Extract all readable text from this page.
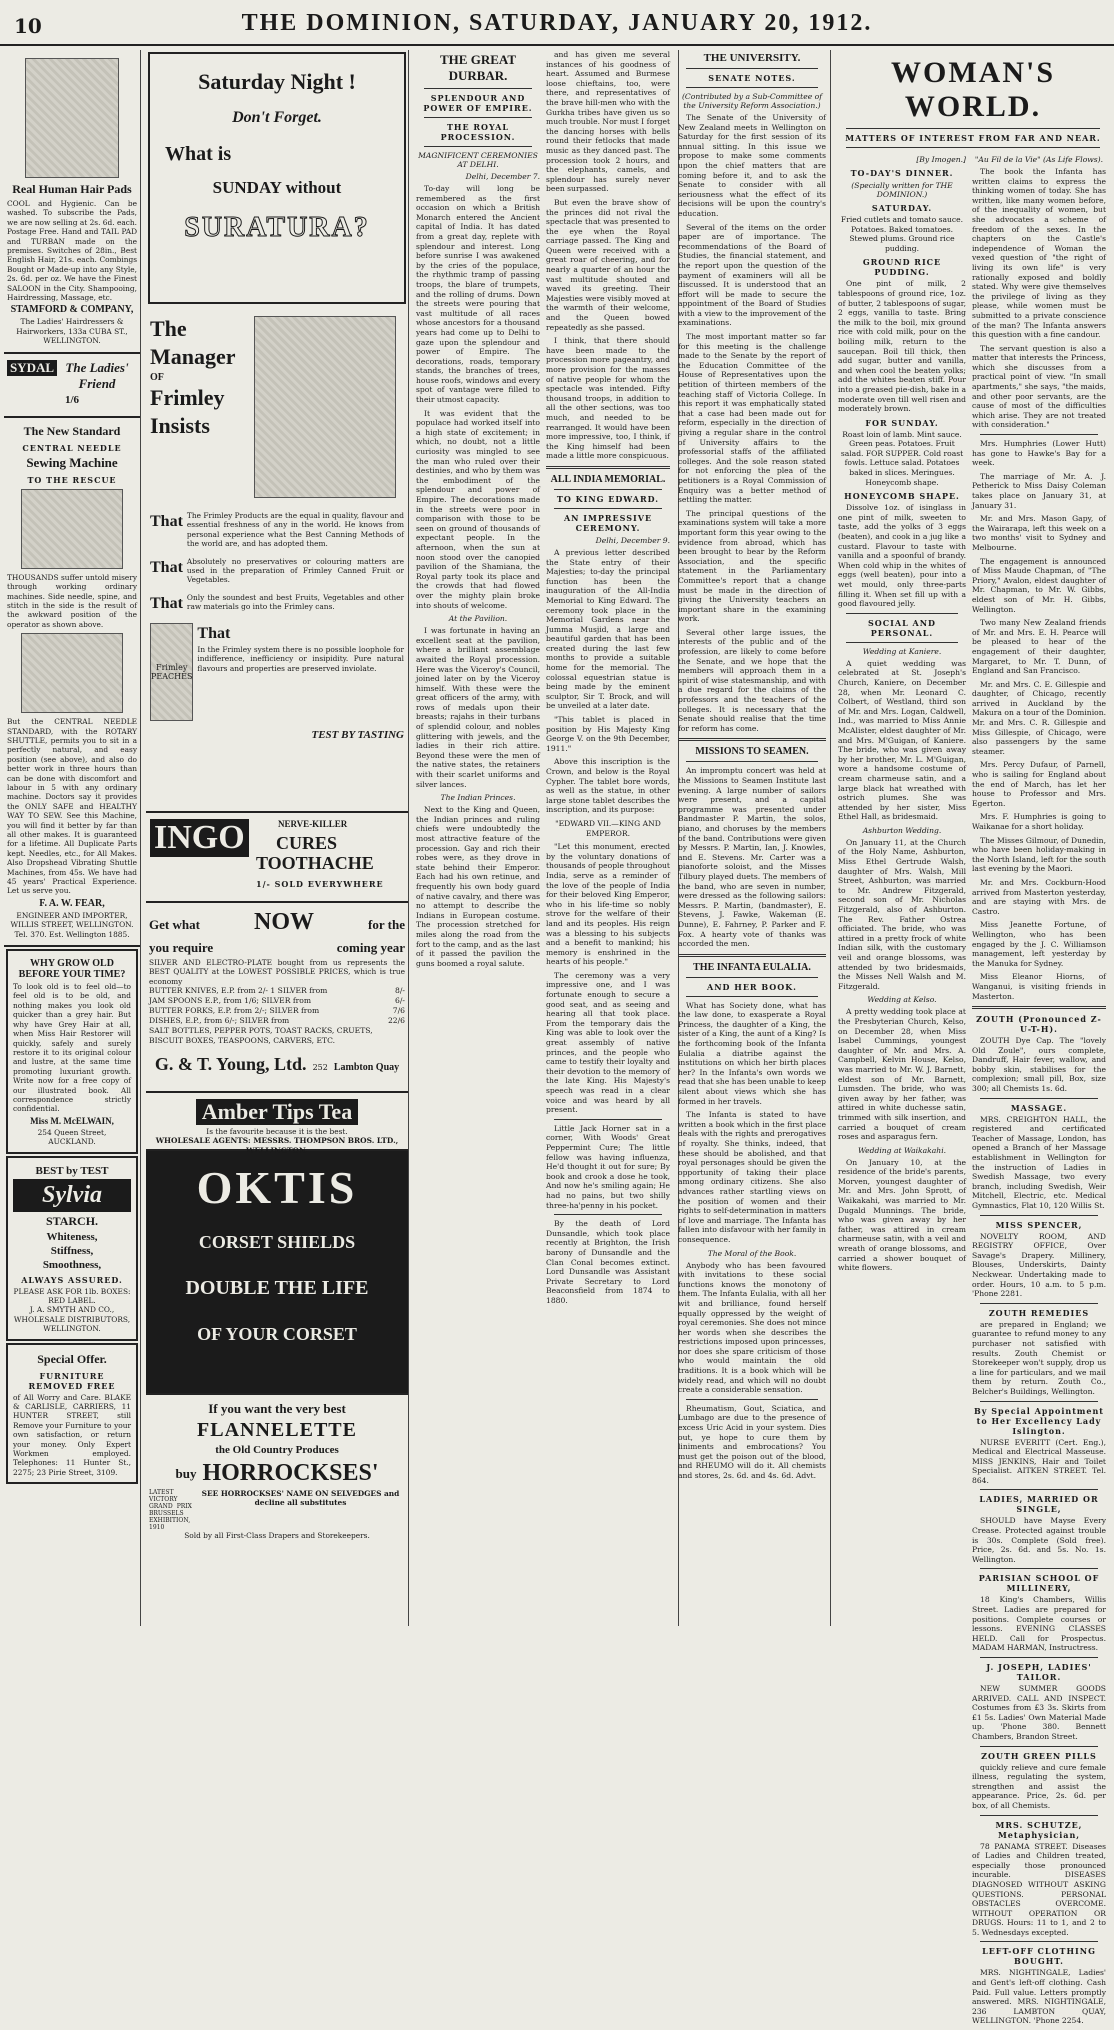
10	THE DOMINION, SATURDAY, JANUARY 20, 1912.
Real Human Hair Pads
COOL and Hygienic. Can be washed. To subscribe the Pads, we are now selling at 2s. 6d. each. Postage Free. Hand and TAIL PAD and TURBAN made on the premises. Switches of 28in., Best English Hair, 21s. each. Combings Bought or Made-up into any Style, 2s. 6d. per oz. We have the Finest SALOON in the City. Shampooing, Hairdressing, Massage, etc.
STAMFORD & COMPANY,
The Ladies' Hairdressers & Hairworkers, 133a CUBA ST., WELLINGTON.
SYDAL The Ladies' Friend
1/6
The New Standard
CENTRAL NEEDLE
Sewing Machine
TO THE RESCUE
THOUSANDS suffer untold misery through working ordinary machines. Side needle, spine, and stitch in the side is the result of the awkward position of the operator as shown above.
But the CENTRAL NEEDLE STANDARD, with the ROTARY SHUTTLE, permits you to sit in a perfectly natural, and easy position (see above), and also do better work in three hours than can be done with discomfort and labour in 5 with any ordinary machine. Doctors say it provides the ONLY SAFE and HEALTHY WAY TO SEW. See this Machine, you will find it better by far than all other makes. It is guaranteed for a lifetime. All Duplicate Parts kept. Needles, etc., for All Makes. Also Dropshead Vibrating Shuttle Machines, from 45s. We have had 45 years' Practical Experience. Let us serve you.
F. A. W. FEAR,
ENGINEER AND IMPORTER, WILLIS STREET, WELLINGTON. Tel. 370. Est. Wellington 1885.
WHY GROW OLD BEFORE YOUR TIME?
To look old is to feel old—to feel old is to be old, and nothing makes you look old quicker than a grey hair. But why have Grey Hair at all, when Miss Hair Restorer will quickly, safely and surely restore it to its original colour and lustre, at the same time promoting luxuriant growth. Write now for a free copy of our illustrated book. All correspondence strictly confidential.
Miss M. McELWAIN,
254 Queen Street, AUCKLAND.
BEST by TEST
Sylvia
STARCH.
Whiteness,
Stiffness,
Smoothness,
ALWAYS ASSURED.
PLEASE ASK FOR 1lb. BOXES: RED LABEL.
J. A. SMYTH AND CO., WHOLESALE DISTRIBUTORS, WELLINGTON.
Special Offer.
FURNITURE REMOVED FREE
of All Worry and Care. BLAKE & CARLISLE, CARRIERS, 11 HUNTER STREET, still Remove your Furniture to your own satisfaction, or return your money. Only Expert Workmen employed. Telephones: 11 Hunter St., 2275; 23 Pirie Street, 3109.
Saturday Night !
Don't Forget.
What is
SUNDAY without
SURATURA?
The
Manager
OF
Frimley
Insists
That The Frimley Products are the equal in quality, flavour and essential freshness of any in the world. He knows from personal experience what the Best Canning Methods of the world are, and has adopted them.
That Absolutely no preservatives or colouring matters are used in the preparation of Frimley Canned Fruit or Vegetables.
That Only the soundest and best Fruits, Vegetables and other raw materials go into the Frimley cans.
Frimley PEACHES
That
In the Frimley system there is no possible loophole for indifference, inefficiency or insipidity. Pure natural flavours and properties are preserved inviolate.
TEST BY TASTING
INGO	NERVE-KILLER
CURES
TOOTHACHE
1/- SOLD EVERYWHERE
Get what NOW	for the
you require	coming year
SILVER AND ELECTRO-PLATE bought from us represents the BEST QUALITY at the LOWEST POSSIBLE PRICES, which is true economy
BUTTER KNIVES, E.P. from 2/- 1 SILVER from	8/-
JAM SPOONS E.P., from 1/6; SILVER from	6/-
BUTTER FORKS, E.P. from 2/-; SILVER from	7/6
DISHES, E.P., from 6/-; SILVER from	22/6
SALT BOTTLES, PEPPER POTS, TOAST RACKS, CRUETS,
BISCUIT BOXES, TEASPOONS, CARVERS, ETC.
G. & T. Young, Ltd. 252 Lambton Quay
Amber Tips Tea
Is the favourite because it is the best.
WHOLESALE AGENTS: MESSRS. THOMPSON BROS. LTD., WELLINGTON.
OKTIS
CORSET SHIELDS
DOUBLE THE LIFE
OF YOUR CORSET
If you want the very best
FLANNELETTE
the Old Country Produces
buy HORROCKSES'
LATEST VICTORY GRAND PRIX BRUSSELS EXHIBITION, 1910
SEE HORROCKSES' NAME ON SELVEDGES and decline all substitutes
Sold by all First-Class Drapers and Storekeepers.
THE GREAT DURBAR.
SPLENDOUR AND POWER OF EMPIRE.
THE ROYAL PROCESSION.
MAGNIFICENT CEREMONIES AT DELHI.
Delhi, December 7.

To-day will long be remembered as the first occasion on which a British Monarch entered the Ancient capital of India. It has dated from a great day, replete with splendour and interest. Long before sunrise I was awakened by the cries of the populace, the rhythmic tramp of passing troops, the blare of trumpets, and the rolling of drums. Down the streets were pouring that vast multitude of all races whose ancestors for a thousand years had come up to Delhi to gaze upon the splendour and power of Empire. The decorations, roads, temporary stands, the branches of trees, house roofs, windows and every spot of vantage were filled to their utmost capacity.

It was evident that the populace had worked itself into a high state of excitement; in which, no doubt, not a little curiosity was mingled to see the man who ruled over their destinies, and who by them was the embodiment of the splendour and power of Empire. The decorations made in the streets were poor in comparison with those to be seen on ground of thousands of expectant people. In the afternoon, when the sun at noon stood over the canopied pavilion of the Shamiana, the Royal party took its place and the crowds that had flowed over the mighty plain broke into shouts of welcome.

At the Pavilion.

I was fortunate in having an excellent seat at the pavilion, where a brilliant assemblage awaited the Royal procession. Here was the Viceroy's Council, joined later on by the Viceroy himself. With these were the great officers of the army, with rows of medals upon their breasts; rajahs in their turbans of splendid colour, and nobles glittering with jewels, and the ladies in their rich attire. Beyond these were the men of the native states, the retainers with their scarlet uniforms and silver lances.

The Indian Princes.

Next to the King and Queen, the Indian princes and ruling chiefs were undoubtedly the most attractive feature of the procession. Gay and rich their robes were, as they drove in state behind their Emperor. Each had his own retinue, and frequently his own body guard of native cavalry, and there was no attempt to describe the Indians in European costume. The procession stretched for miles along the road from the fort to the camp, and as the last of it passed the pavilion the guns boomed a royal salute.

and has given me several instances of his goodness of heart. Assumed and Burmese loose chieftains, too, were there, and representatives of the brave hill-men who with the Gurkha tribes have given us so much trouble. Nor must I forget the dancing horses with bells round their fetlocks that made music as they danced past. The procession took 2 hours, and the elephants, camels, and splendour has surely never been surpassed.

But even the brave show of the princes did not rival the spectacle that was presented to the eye when the Royal carriage passed. The King and Queen were received with a great roar of cheering, and for nearly a quarter of an hour the vast multitude shouted and waved its greeting. Their Majesties were visibly moved at the warmth of their welcome, and the Queen bowed repeatedly as she passed.

I think, that there should have been made to the procession more pageantry, and more provision for the masses of native people for whom the spectacle was intended. Fifty thousand troops, in addition to all the other sections, was too much, and needed to be rearranged. It would have been more impressive, too, I think, if the King himself had been made a little more conspicuous.

ALL INDIA MEMORIAL.
TO KING EDWARD.
AN IMPRESSIVE CEREMONY.
Delhi, December 9.

A previous letter described the State entry of their Majesties; to-day the principal function has been the inauguration of the All-India Memorial to King Edward. The ceremony took place in the Memorial Gardens near the Jumma Musjid, a large and beautiful garden that has been created during the last few months to provide a suitable home for the memorial. The colossal equestrian statue is being made by the eminent sculptor, Sir T. Brock, and will be unveiled at a later date.

"This tablet is placed in position by His Majesty King George V. on the 9th December, 1911."

Above this inscription is the Crown, and below is the Royal Cypher. The tablet bore words, as well as the statue, in other large stone tablet describes the inscription, and its purpose:

"EDWARD VII.—KING AND EMPEROR.

"Let this monument, erected by the voluntary donations of thousands of people throughout India, serve as a reminder of the love of the people of India for their beloved King Emperor, who in his life-time so nobly strove for the welfare of their land and its peoples. His reign was a blessing to his subjects and a benefit to mankind; his memory is enshrined in the hearts of his people."

The ceremony was a very impressive one, and I was fortunate enough to secure a good seat, and as seeing and hearing all that took place. From the temporary dais the King was able to look over the great assembly of native princes, and the people who came to testify their loyalty and their devotion to the memory of the late King. His Majesty's speech was read in a clear voice and was heard by all present.

Little Jack Horner sat in a corner, With Woods' Great Peppermint Cure; The little fellow was having influenza, He'd thought it out for sure; By book and crook a dose he took, And now he's smiling again; He had no pains, but two shilly three-ha'penny in his pocket.

By the death of Lord Dunsandle, which took place recently at Brighton, the Irish barony of Dunsandle and the Clan Conal becomes extinct. Lord Dunsandle was Assistant Private Secretary to Lord Beaconsfield from 1874 to 1880.

THE UNIVERSITY.
SENATE NOTES.
(Contributed by a Sub-Committee of the University Reform Association.)

The Senate of the University of New Zealand meets in Wellington on Saturday for the first session of its annual sitting. In this issue we propose to make some comments upon the chief matters that are coming before it, and to ask the Senate to consider with all seriousness what the effect of its decisions will be upon the country's education.

Several of the items on the order paper are of importance. The recommendations of the Board of Studies, the financial statement, and the report upon the question of the payment of examiners will all be discussed. It is understood that an effort will be made to secure the appointment of the Board of Studies with a view to the improvement of the examinations.

The most important matter so far for this meeting is the challenge made to the Senate by the report of the Education Committee of the House of Representatives upon the petition of thirteen members of the teaching staff of Victoria College. In this report it was emphatically stated that a case had been made out for reform, especially in the direction of giving a regular share in the control of University affairs to the professorial staffs of the affiliated colleges. And the sole reason stated for not enforcing the plea of the petitioners is a Royal Commission of Enquiry was a better method of settling the matter.

The principal questions of the examinations system will take a more important form this year owing to the evidence from abroad, which has been brought to bear by the Reform Association, and the specific statement in the Parliamentary Committee's report that a change must be made in the direction of giving the University teachers an important share in the examining work.

Several other large issues, the interests of the public and of the profession, are likely to come before the Senate, and we hope that the members will approach them in a spirit of wise statesmanship, and with a due regard for the claims of the professors and the teachers of the colleges. It is necessary that the Senate should realise that the time for reform has come.

MISSIONS TO SEAMEN.

An impromptu concert was held at the Missions to Seamen Institute last evening. A large number of sailors were present, and a capital programme was presented under Bandmaster P. Martin, the solos, piano, and choruses by the members of the band. Contributions were given by Messrs. P. Martin, Ian, J. Knowles, and E. Stevens. Mr. Carter was a pianoforte soloist, and the Misses Tilbury played duets. The members of the band, who are seven in number, were dressed as the following sailors: Messrs. P. Martin, (bandmaster), E. Stevens, J. Fawke, Wakeman (E. Dunne), E. Fahrney, P. Parker and F. Fox. A hearty vote of thanks was accorded the men.

THE INFANTA EULALIA.
AND HER BOOK.

What has Society done, what has the law done, to exasperate a Royal Princess, the daughter of a King, the sister of a King, the aunt of a King? Is the forthcoming book of the Infanta Eulalia a diatribe against the institutions on which her birth places her? In the Infanta's own words we read that she has been unable to keep silent about views which she has formed in her travels.

The Infanta is stated to have written a book which in the first place deals with the rights and prerogatives of royalty. She thinks, indeed, that these should be abolished, and that royal personages should be given the opportunity of taking their place among ordinary citizens. She also advances rather startling views on the position of women and their rights to self-determination in matters of love and marriage. The Infanta has fallen into disfavour with her family in consequence.

The Moral of the Book.

Anybody who has been favoured with invitations to these social functions knows the monotony of them. The Infanta Eulalia, with all her wit and brilliance, found herself equally oppressed by the weight of royal ceremonies. She does not mince her words when she describes the restrictions imposed upon princesses, nor does she spare criticism of those who would maintain the old traditions. It is a book which will be widely read, and which will no doubt create a considerable sensation.

Rheumatism, Gout, Sciatica, and Lumbago are due to the presence of excess Uric Acid in your system. Dies out, ye hope to cure them by liniments and embrocations? You must get the poison out of the blood, and RHEUMO will do it. All chemists and stores, 2s. 6d. and 4s. 6d. Advt.

WOMAN'S WORLD.
MATTERS OF INTEREST FROM FAR AND NEAR.
[By Imogen.]
TO-DAY'S DINNER.
(Specially written for THE DOMINION.)
SATURDAY.

Fried cutlets and tomato sauce. Potatoes. Baked tomatoes. Stewed plums. Ground rice pudding.

GROUND RICE PUDDING.

One pint of milk, 2 tablespoons of ground rice, 1oz. of butter, 2 tablespoons of sugar, 2 eggs, vanilla to taste. Bring the milk to the boil, mix ground rice with cold milk, pour on the boiling milk, return to the saucepan. Boil till thick, then add sugar, butter and vanilla, and when cool the beaten yolks; add the whites beaten stiff. Pour into a greased pie-dish, bake in a moderate oven till well risen and moderately brown.

FOR SUNDAY.

Roast loin of lamb. Mint sauce. Green peas. Potatoes. Fruit salad. FOR SUPPER. Cold roast fowls. Lettuce salad. Potatoes baked in slices. Meringues. Honeycomb shape.

HONEYCOMB SHAPE.

Dissolve 1oz. of isinglass in one pint of milk, sweeten to taste, add the yolks of 3 eggs (beaten), and cook in a jug like a custard. Flavour to taste with vanilla and a spoonful of brandy. When cold whip in the whites of eggs (well beaten), pour into a wet mould, only three-parts filling it. When set fill up with a good flavoured jelly.

SOCIAL AND PERSONAL.
Wedding at Kaniere.

A quiet wedding was celebrated at St. Joseph's Church, Kaniere, on December 28, when Mr. Leonard C. Colbert, of Westland, third son of Mr. and Mrs. Logan, Caldwell, Ind., was married to Miss Annie McAlister, eldest daughter of Mr. and Mrs. M'Guigan, of Kaniere. The bride, who was given away by her brother, Mr. L. M'Guigan, wore a handsome costume of cream charmeuse satin, and a large black hat wreathed with ostrich plumes. She was attended by her sister, Miss Ethel Hall, as bridesmaid.

Ashburton Wedding.

On January 11, at the Church of the Holy Name, Ashburton, Miss Ethel Gertrude Walsh, daughter of Mrs. Walsh, Mill Street, Ashburton, was married to Mr. Andrew Fitzgerald, second son of Mr. Nicholas Fitzgerald, also of Ashburton. The Rev. Father Ostrea officiated. The bride, who was attired in a pretty frock of white Indian silk, with the customary veil and orange blossoms, was attended by two bridesmaids, the Misses Nell Walsh and M. Fitzgerald.

Wedding at Kelso.

A pretty wedding took place at the Presbyterian Church, Kelso, on December 28, when Miss Isabel Cummings, youngest daughter of Mr. and Mrs. A. Campbell, Kelvin House, Kelso, was married to Mr. W. J. Barnett, eldest son of Mr. Barnett, Lumsden. The bride, who was given away by her father, was attired in white duchesse satin, trimmed with silk insertion, and carried a bouquet of cream roses and asparagus fern.

Wedding at Waikakahi.

On January 10, at the residence of the bride's parents, Morven, youngest daughter of Mr. and Mrs. John Sprott, of Waikakahi, was married to Mr. Dugald Munnings. The bride, who was given away by her father, was attired in cream charmeuse satin, with a veil and wreath of orange blossoms, and carried a shower bouquet of white flowers.

"Au Fil de la Vie" (As Life Flows).

The book the Infanta has written claims to express the thinking women of today. She has written, like many women before, of the inequality of women, but she advocates a scheme of freedom of the sexes. In the chapters on the Castle's independence of Woman the vexed question of "the right of living its own life" is very rationally exposed and boldly stated. Why were give themselves the privilege of living as they please, while women must be submitted to a private conscience of the man? The Infanta answers this question with a fine candour.

The servant question is also a matter that interests the Princess, which she discusses from a practical point of view. "In small apartments," she says, "the maids, and other poor servants, are the cause of most of the difficulties which arise. They are not treated with consideration."

Mrs. Humphries (Lower Hutt) has gone to Hawke's Bay for a week.

The marriage of Mr. A. J. Petherick to Miss Daisy Coleman takes place on January 31, at January 31.

Mr. and Mrs. Mason Gapy, of the Wairarapa, left this week on a two months' visit to Sydney and Melbourne.

The engagement is announced of Miss Maude Chapman, of "The Priory," Avalon, eldest daughter of Mr. Chapman, to Mr. W. Gibbs, eldest son of Mr. H. Gibbs, Wellington.

Two many New Zealand friends of Mr. and Mrs. E. H. Pearce will be pleased to hear of the engagement of their daughter, Margaret, to Mr. T. Dunn, of England and San Francisco.

Mr. and Mrs. C. E. Gillespie and daughter, of Chicago, recently arrived in Auckland by the Makura on a tour of the Dominion. Mr. and Mrs. C. R. Gillespie and Miss Gillespie, of Chicago, were also passengers by the same steamer.

Mrs. Percy Dufaur, of Parnell, who is sailing for England about the end of March, has let her house to Professor and Mrs. Egerton.

Mrs. F. Humphries is going to Waikanae for a short holiday.

The Misses Gilmour, of Dunedin, who have been holiday-making in the North Island, left for the south last evening by the Maori.

Mr. and Mrs. Cockburn-Hood arrived from Masterton yesterday, and are staying with Mrs. de Castro.

Miss Jeanette Fortune, of Wellington, who has been engaged by the J. C. Williamson management, left yesterday by the Manuka for Sydney.

Miss Eleanor Hiorns, of Wanganui, is visiting friends in Masterton.

ZOUTH (Pronounced Z-U-T-H).

ZOUTH Dye Cap. The "lovely Old Zoule", ours complete, Dandruff, Hair fever, wallow, and bobby skin, stabilises for the complexion; small pill, Box, size 300; all Chemists 1s. 6d.

MASSAGE.

MRS. CREIGHTON HALL, the registered and certificated Teacher of Massage, London, has opened a Branch of her Massage establishment in Wellington for the instruction of Ladies in Swedish Massage, two every branch, including Swedish, Weir Mitchell, Electric, etc. Medical Gymnastics, Flat 10, 120 Willis St.

MISS SPENCER,

NOVELTY ROOM, AND REGISTRY OFFICE, Over Savage's Drapery. Millinery, Blouses, Underskirts, Dainty Neckwear. Undertaking made to order. Hours, 10 a.m. to 5 p.m. 'Phone 2281.

ZOUTH REMEDIES

are prepared in England; we guarantee to refund money to any purchaser not satisfied with results. Zouth Chemist or Storekeeper won't supply, drop us a line for particulars, and we mail them by return. Zouth Co., Belcher's Buildings, Wellington.

By Special Appointment to Her Excellency Lady Islington.

NURSE EVERITT (Cert. Eng.), Medical and Electrical Masseuse. MISS JENKINS, Hair and Toilet Specialist. AITKEN STREET. Tel. 864.

LADIES, MARRIED OR SINGLE,

SHOULD have Mayse Every Crease. Protected against trouble is 30s. Complete (Sold free). Price, 2s. 6d. and 5s. No. 1s. Wellington.

PARISIAN SCHOOL OF MILLINERY,

18 King's Chambers, Willis Street. Ladies are prepared for positions. Complete courses or lessons. EVENING CLASSES HELD. Call for Prospectus. MADAM HARMAN, Instructress.

J. JOSEPH, LADIES' TAILOR.

NEW SUMMER GOODS ARRIVED. CALL AND INSPECT. Costumes from £3 3s. Skirts from £1 5s. Ladies' Own Material Made up. 'Phone 380. Bennett Chambers, Brandon Street.

ZOUTH GREEN PILLS

quickly relieve and cure female illness, regulating the system, strengthen and assist the appearance. Price, 2s. 6d. per box, of all Chemists.

MRS. SCHUTZE, Metaphysician,

78 PANAMA STREET. Diseases of Ladies and Children treated, especially those pronounced incurable. DISEASES DIAGNOSED WITHOUT ASKING QUESTIONS. PERSONAL OBSTACLES OVERCOME. WITHOUT OPERATION OR DRUGS. Hours: 11 to 1, and 2 to 5. Wednesdays excepted.

LEFT-OFF CLOTHING BOUGHT.

MRS. NIGHTINGALE, Ladies' and Gent's left-off clothing. Cash Paid. Full value. Letters promptly answered. MRS. NIGHTINGALE, 236 LAMBTON QUAY, WELLINGTON. 'Phone 2254.
